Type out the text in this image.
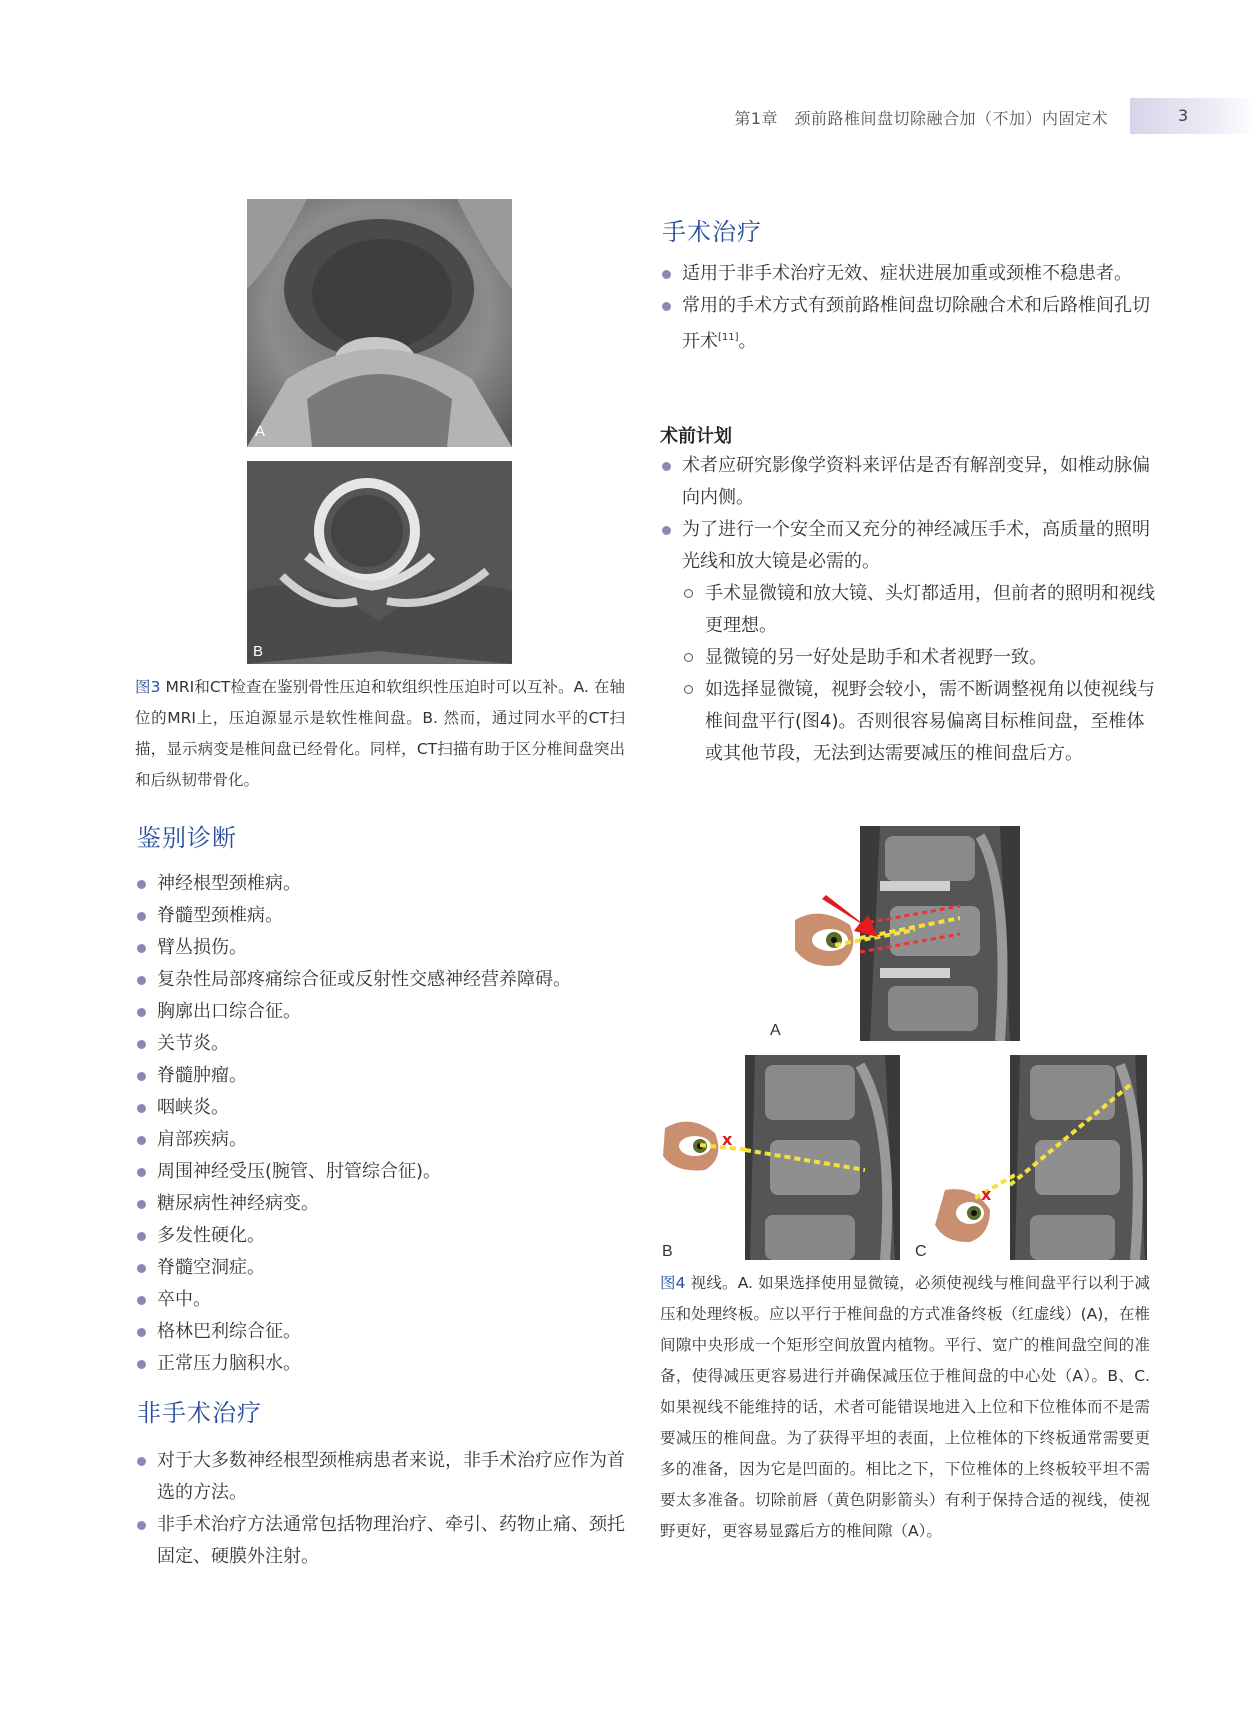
第1章　颈前路椎间盘切除融合加（不加）内固定术	3
A
B
图3 MRI和CT检查在鉴别骨性压迫和软组织性压迫时可以互补。A. 在轴位的MRI上，压迫源显示是软性椎间盘。B. 然而，通过同水平的CT扫描，显示病变是椎间盘已经骨化。同样，CT扫描有助于区分椎间盘突出和后纵韧带骨化。
鉴别诊断
神经根型颈椎病。
脊髓型颈椎病。
臂丛损伤。
复杂性局部疼痛综合征或反射性交感神经营养障碍。
胸廓出口综合征。
关节炎。
脊髓肿瘤。
咽峡炎。
肩部疾病。
周围神经受压(腕管、肘管综合征)。
糖尿病性神经病变。
多发性硬化。
脊髓空洞症。
卒中。
格林巴利综合征。
正常压力脑积水。
非手术治疗
对于大多数神经根型颈椎病患者来说，非手术治疗应作为首选的方法。
非手术治疗方法通常包括物理治疗、牵引、药物止痛、颈托固定、硬膜外注射。
手术治疗
适用于非手术治疗无效、症状进展加重或颈椎不稳患者。
常用的手术方式有颈前路椎间盘切除融合术和后路椎间孔切开术[11]。
术前计划
术者应研究影像学资料来评估是否有解剖变异，如椎动脉偏向内侧。
为了进行一个安全而又充分的神经减压手术，高质量的照明光线和放大镜是必需的。
手术显微镜和放大镜、头灯都适用，但前者的照明和视线更理想。
显微镜的另一好处是助手和术者视野一致。
如选择显微镜，视野会较小，需不断调整视角以使视线与椎间盘平行(图4)。否则很容易偏离目标椎间盘，至椎体或其他节段，无法到达需要减压的椎间盘后方。
A
x
B
x
C
图4 视线。A. 如果选择使用显微镜，必须使视线与椎间盘平行以利于减压和处理终板。应以平行于椎间盘的方式准备终板（红虚线）(A)，在椎间隙中央形成一个矩形空间放置内植物。平行、宽广的椎间盘空间的准备，使得减压更容易进行并确保减压位于椎间盘的中心处（A）。B、C. 如果视线不能维持的话，术者可能错误地进入上位和下位椎体而不是需要减压的椎间盘。为了获得平坦的表面，上位椎体的下终板通常需要更多的准备，因为它是凹面的。相比之下，下位椎体的上终板较平坦不需要太多准备。切除前唇（黄色阴影箭头）有利于保持合适的视线，使视野更好，更容易显露后方的椎间隙（A）。
